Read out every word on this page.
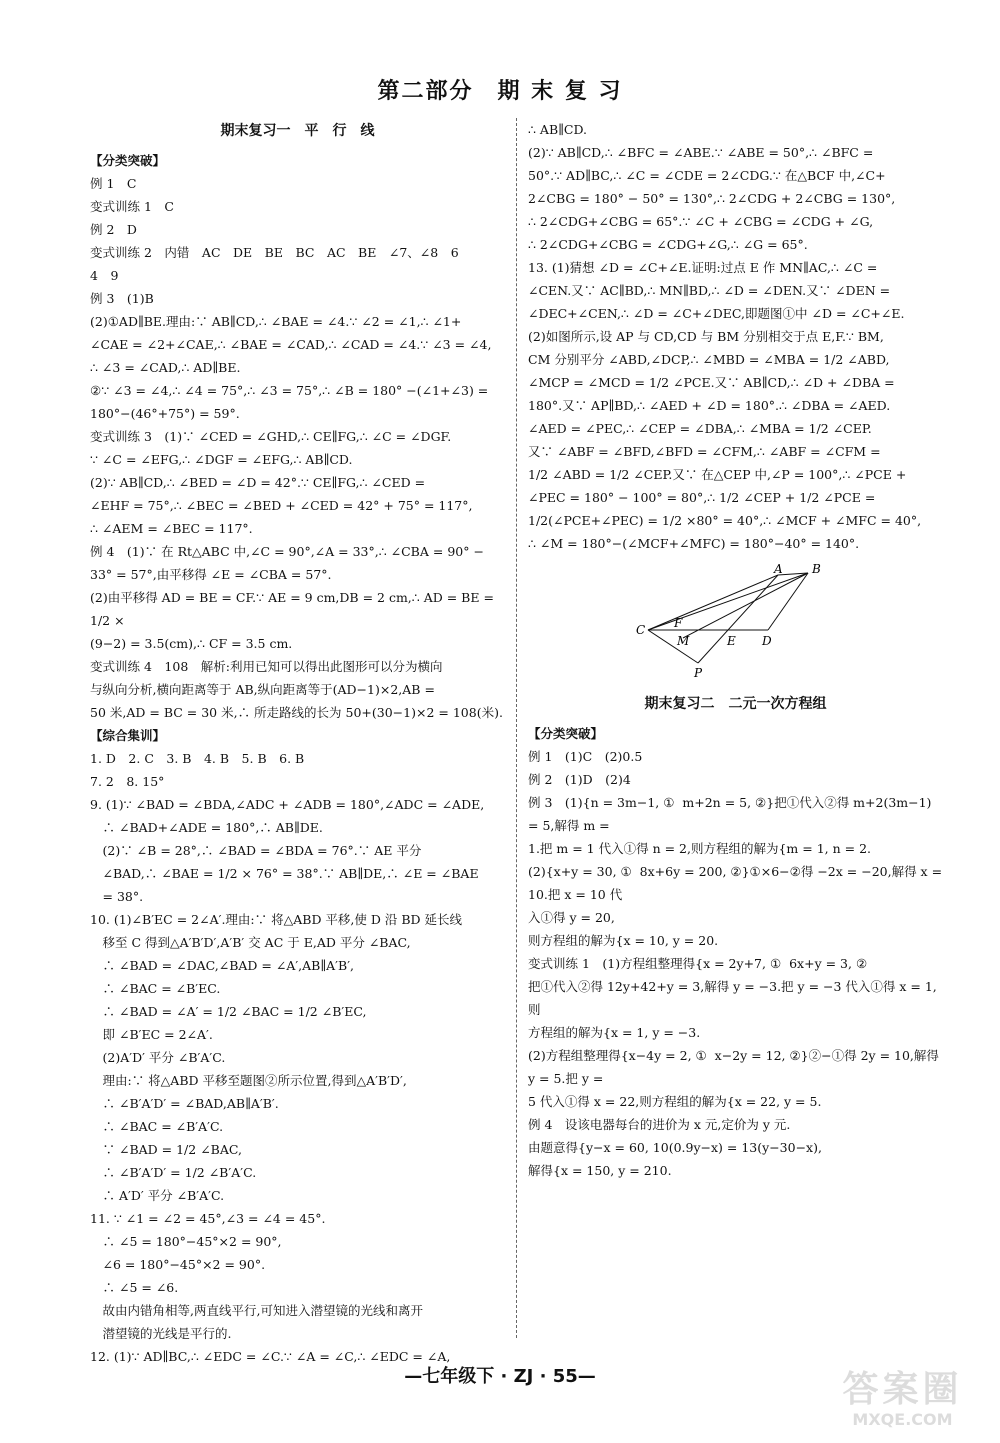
第二部分　期 末 复 习
期末复习一　平　行　线
【分类突破】
例 1　C
变式训练 1　C
例 2　D
变式训练 2　内错　AC　DE　BE　BC　AC　BE　∠7、∠8　6
4　9
例 3　(1)B
(2)①AD∥BE.理由:∵ AB∥CD,∴ ∠BAE = ∠4.∵ ∠2 = ∠1,∴ ∠1+
∠CAE = ∠2+∠CAE,∴ ∠BAE = ∠CAD,∴ ∠CAD = ∠4.∵ ∠3 = ∠4,
∴ ∠3 = ∠CAD,∴ AD∥BE.
②∵ ∠3 = ∠4,∴ ∠4 = 75°,∴ ∠3 = 75°,∴ ∠B = 180° −(∠1+∠3) =
180°−(46°+75°) = 59°.
变式训练 3　(1)∵ ∠CED = ∠GHD,∴ CE∥FG,∴ ∠C = ∠DGF.
∵ ∠C = ∠EFG,∴ ∠DGF = ∠EFG,∴ AB∥CD.
(2)∵ AB∥CD,∴ ∠BED = ∠D = 42°.∵ CE∥FG,∴ ∠CED =
∠EHF = 75°,∴ ∠BEC = ∠BED + ∠CED = 42° + 75° = 117°,
∴ ∠AEM = ∠BEC = 117°.
例 4　(1)∵ 在 Rt△ABC 中,∠C = 90°,∠A = 33°,∴ ∠CBA = 90° −
33° = 57°,由平移得 ∠E = ∠CBA = 57°.
(2)由平移得 AD = BE = CF.∵ AE = 9 cm,DB = 2 cm,∴ AD = BE = 1/2 ×
(9−2) = 3.5(cm),∴ CF = 3.5 cm.
变式训练 4　108　解析:利用已知可以得出此图形可以分为横向
与纵向分析,横向距离等于 AB,纵向距离等于(AD−1)×2,AB =
50 米,AD = BC = 30 米,∴ 所走路线的长为 50+(30−1)×2 = 108(米).
【综合集训】
1. D　2. C　3. B　4. B　5. B　6. B
7. 2　8. 15°
9. (1)∵ ∠BAD = ∠BDA,∠ADC + ∠ADB = 180°,∠ADC = ∠ADE,
　∴ ∠BAD+∠ADE = 180°,∴ AB∥DE.
　(2)∵ ∠B = 28°,∴ ∠BAD = ∠BDA = 76°.∵ AE 平分
　∠BAD,∴ ∠BAE = 1/2 × 76° = 38°.∵ AB∥DE,∴ ∠E = ∠BAE
　= 38°.
10. (1)∠B′EC = 2∠A′.理由:∵ 将△ABD 平移,使 D 沿 BD 延长线
　移至 C 得到△A′B′D′,A′B′ 交 AC 于 E,AD 平分 ∠BAC,
　∴ ∠BAD = ∠DAC,∠BAD = ∠A′,AB∥A′B′,
　∴ ∠BAC = ∠B′EC.
　∴ ∠BAD = ∠A′ = 1/2 ∠BAC = 1/2 ∠B′EC,
　即 ∠B′EC = 2∠A′.
　(2)A′D′ 平分 ∠B′A′C.
　理由:∵ 将△ABD 平移至题图②所示位置,得到△A′B′D′,
　∴ ∠B′A′D′ = ∠BAD,AB∥A′B′.
　∴ ∠BAC = ∠B′A′C.
　∵ ∠BAD = 1/2 ∠BAC,
　∴ ∠B′A′D′ = 1/2 ∠B′A′C.
　∴ A′D′ 平分 ∠B′A′C.
11. ∵ ∠1 = ∠2 = 45°,∠3 = ∠4 = 45°.
　∴ ∠5 = 180°−45°×2 = 90°,
　∠6 = 180°−45°×2 = 90°.
　∴ ∠5 = ∠6.
　故由内错角相等,两直线平行,可知进入潜望镜的光线和离开
　潜望镜的光线是平行的.
12. (1)∵ AD∥BC,∴ ∠EDC = ∠C.∵ ∠A = ∠C,∴ ∠EDC = ∠A,
∴ AB∥CD.
(2)∵ AB∥CD,∴ ∠BFC = ∠ABE.∵ ∠ABE = 50°,∴ ∠BFC =
50°.∵ AD∥BC,∴ ∠C = ∠CDE = 2∠CDG.∵ 在△BCF 中,∠C+
2∠CBG = 180° − 50° = 130°,∴ 2∠CDG + 2∠CBG = 130°,
∴ 2∠CDG+∠CBG = 65°.∵ ∠C + ∠CBG = ∠CDG + ∠G,
∴ 2∠CDG+∠CBG = ∠CDG+∠G,∴ ∠G = 65°.
13. (1)猜想 ∠D = ∠C+∠E.证明:过点 E 作 MN∥AC,∴ ∠C =
∠CEN.又∵ AC∥BD,∴ MN∥BD,∴ ∠D = ∠DEN.又∵ ∠DEN =
∠DEC+∠CEN,∴ ∠D = ∠C+∠DEC,即题图①中 ∠D = ∠C+∠E.
(2)如图所示,设 AP 与 CD,CD 与 BM 分别相交于点 E,F.∵ BM,
CM 分别平分 ∠ABD,∠DCP,∴ ∠MBD = ∠MBA = 1/2 ∠ABD,
∠MCP = ∠MCD = 1/2 ∠PCE.又∵ AB∥CD,∴ ∠D + ∠DBA =
180°.又∵ AP∥BD,∴ ∠AED + ∠D = 180°.∴ ∠DBA = ∠AED.
∠AED = ∠PEC,∴ ∠CEP = ∠DBA,∴ ∠MBA = 1/2 ∠CEP.
又∵ ∠ABF = ∠BFD,∠BFD = ∠CFM,∴ ∠ABF = ∠CFM =
1/2 ∠ABD = 1/2 ∠CEP.又∵ 在△CEP 中,∠P = 100°,∴ ∠PCE +
∠PEC = 180° − 100° = 80°,∴ 1/2 ∠CEP + 1/2 ∠PCE =
1/2(∠PCE+∠PEC) = 1/2 ×80° = 40°,∴ ∠MCF + ∠MFC = 40°,
∴ ∠M = 180°−(∠MCF+∠MFC) = 180°−40° = 140°.
A B
C F
M	E D
P
期末复习二　二元一次方程组
【分类突破】
例 1　(1)C　(2)0.5
例 2　(1)D　(2)4
例 3　(1){n = 3m−1, ①  m+2n = 5, ②}把①代入②得 m+2(3m−1) = 5,解得 m =
1.把 m = 1 代入①得 n = 2,则方程组的解为{m = 1, n = 2.
(2){x+y = 30, ①  8x+6y = 200, ②}①×6−②得 −2x = −20,解得 x = 10.把 x = 10 代
入①得 y = 20,
则方程组的解为{x = 10, y = 20.
变式训练 1　(1)方程组整理得{x = 2y+7, ①  6x+y = 3, ②
把①代入②得 12y+42+y = 3,解得 y = −3.把 y = −3 代入①得 x = 1,则
方程组的解为{x = 1, y = −3.
(2)方程组整理得{x−4y = 2, ①  x−2y = 12, ②}②−①得 2y = 10,解得 y = 5.把 y =
5 代入①得 x = 22,则方程组的解为{x = 22, y = 5.
例 4　设该电器每台的进价为 x 元,定价为 y 元.
由题意得{y−x = 60, 10(0.9y−x) = 13(y−30−x),
解得{x = 150, y = 210.
—七年级下 · ZJ · 55—	答案圈
MXQE.COM
